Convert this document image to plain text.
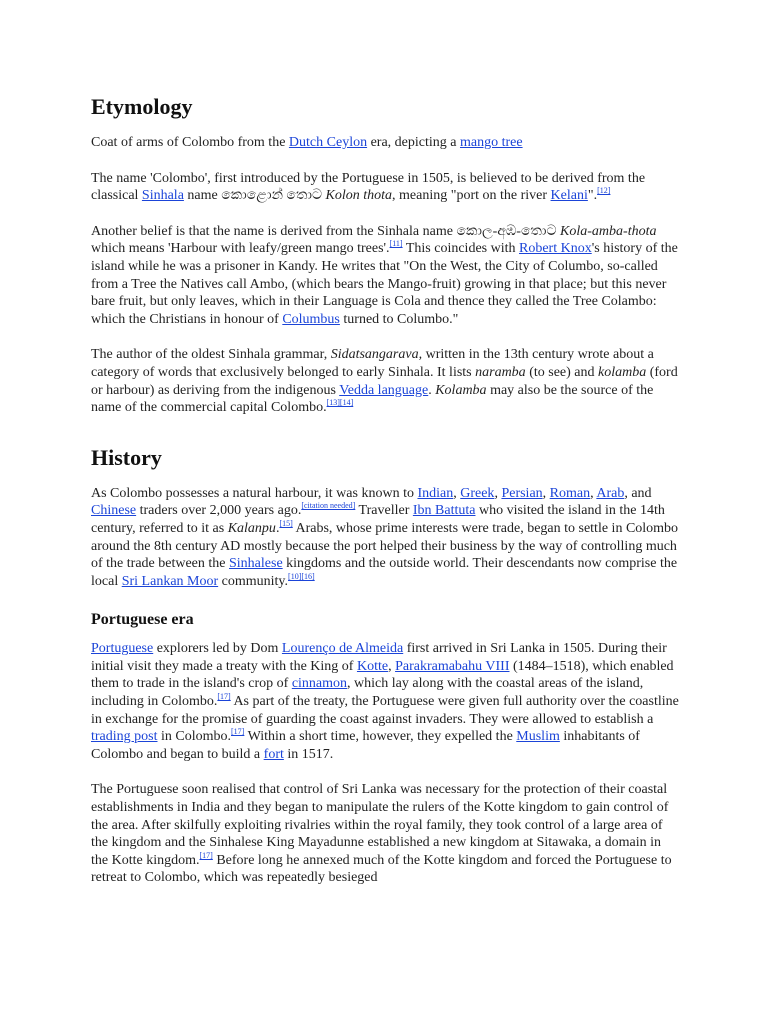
Etymology

Coat of arms of Colombo from the Dutch Ceylon era, depicting a mango tree

The name 'Colombo', first introduced by the Portuguese in 1505, is believed to be derived from the classical Sinhala name කොළොන් තොට Kolon thota, meaning "port on the river Kelani".[12]

Another belief is that the name is derived from the Sinhala name කොල-අඹ-තොට Kola-amba-thota which means 'Harbour with leafy/green mango trees'.[11] This coincides with Robert Knox's history of the island while he was a prisoner in Kandy. He writes that "On the West, the City of Columbo, so-called from a Tree the Natives call Ambo, (which bears the Mango-fruit) growing in that place; but this never bare fruit, but only leaves, which in their Language is Cola and thence they called the Tree Colambo: which the Christians in honour of Columbus turned to Columbo."

The author of the oldest Sinhala grammar, Sidatsangarava, written in the 13th century wrote about a category of words that exclusively belonged to early Sinhala. It lists naramba (to see) and kolamba (ford or harbour) as deriving from the indigenous Vedda language. Kolamba may also be the source of the name of the commercial capital Colombo.[13][14]

History

As Colombo possesses a natural harbour, it was known to Indian, Greek, Persian, Roman, Arab, and Chinese traders over 2,000 years ago.[citation needed] Traveller Ibn Battuta who visited the island in the 14th century, referred to it as Kalanpu.[15] Arabs, whose prime interests were trade, began to settle in Colombo around the 8th century AD mostly because the port helped their business by the way of controlling much of the trade between the Sinhalese kingdoms and the outside world. Their descendants now comprise the local Sri Lankan Moor community.[10][16]

Portuguese era

Portuguese explorers led by Dom Lourenço de Almeida first arrived in Sri Lanka in 1505. During their initial visit they made a treaty with the King of Kotte, Parakramabahu VIII (1484–1518), which enabled them to trade in the island's crop of cinnamon, which lay along with the coastal areas of the island, including in Colombo.[17] As part of the treaty, the Portuguese were given full authority over the coastline in exchange for the promise of guarding the coast against invaders. They were allowed to establish a trading post in Colombo.[17] Within a short time, however, they expelled the Muslim inhabitants of Colombo and began to build a fort in 1517.

The Portuguese soon realised that control of Sri Lanka was necessary for the protection of their coastal establishments in India and they began to manipulate the rulers of the Kotte kingdom to gain control of the area. After skilfully exploiting rivalries within the royal family, they took control of a large area of the kingdom and the Sinhalese King Mayadunne established a new kingdom at Sitawaka, a domain in the Kotte kingdom.[17] Before long he annexed much of the Kotte kingdom and forced the Portuguese to retreat to Colombo, which was repeatedly besieged
